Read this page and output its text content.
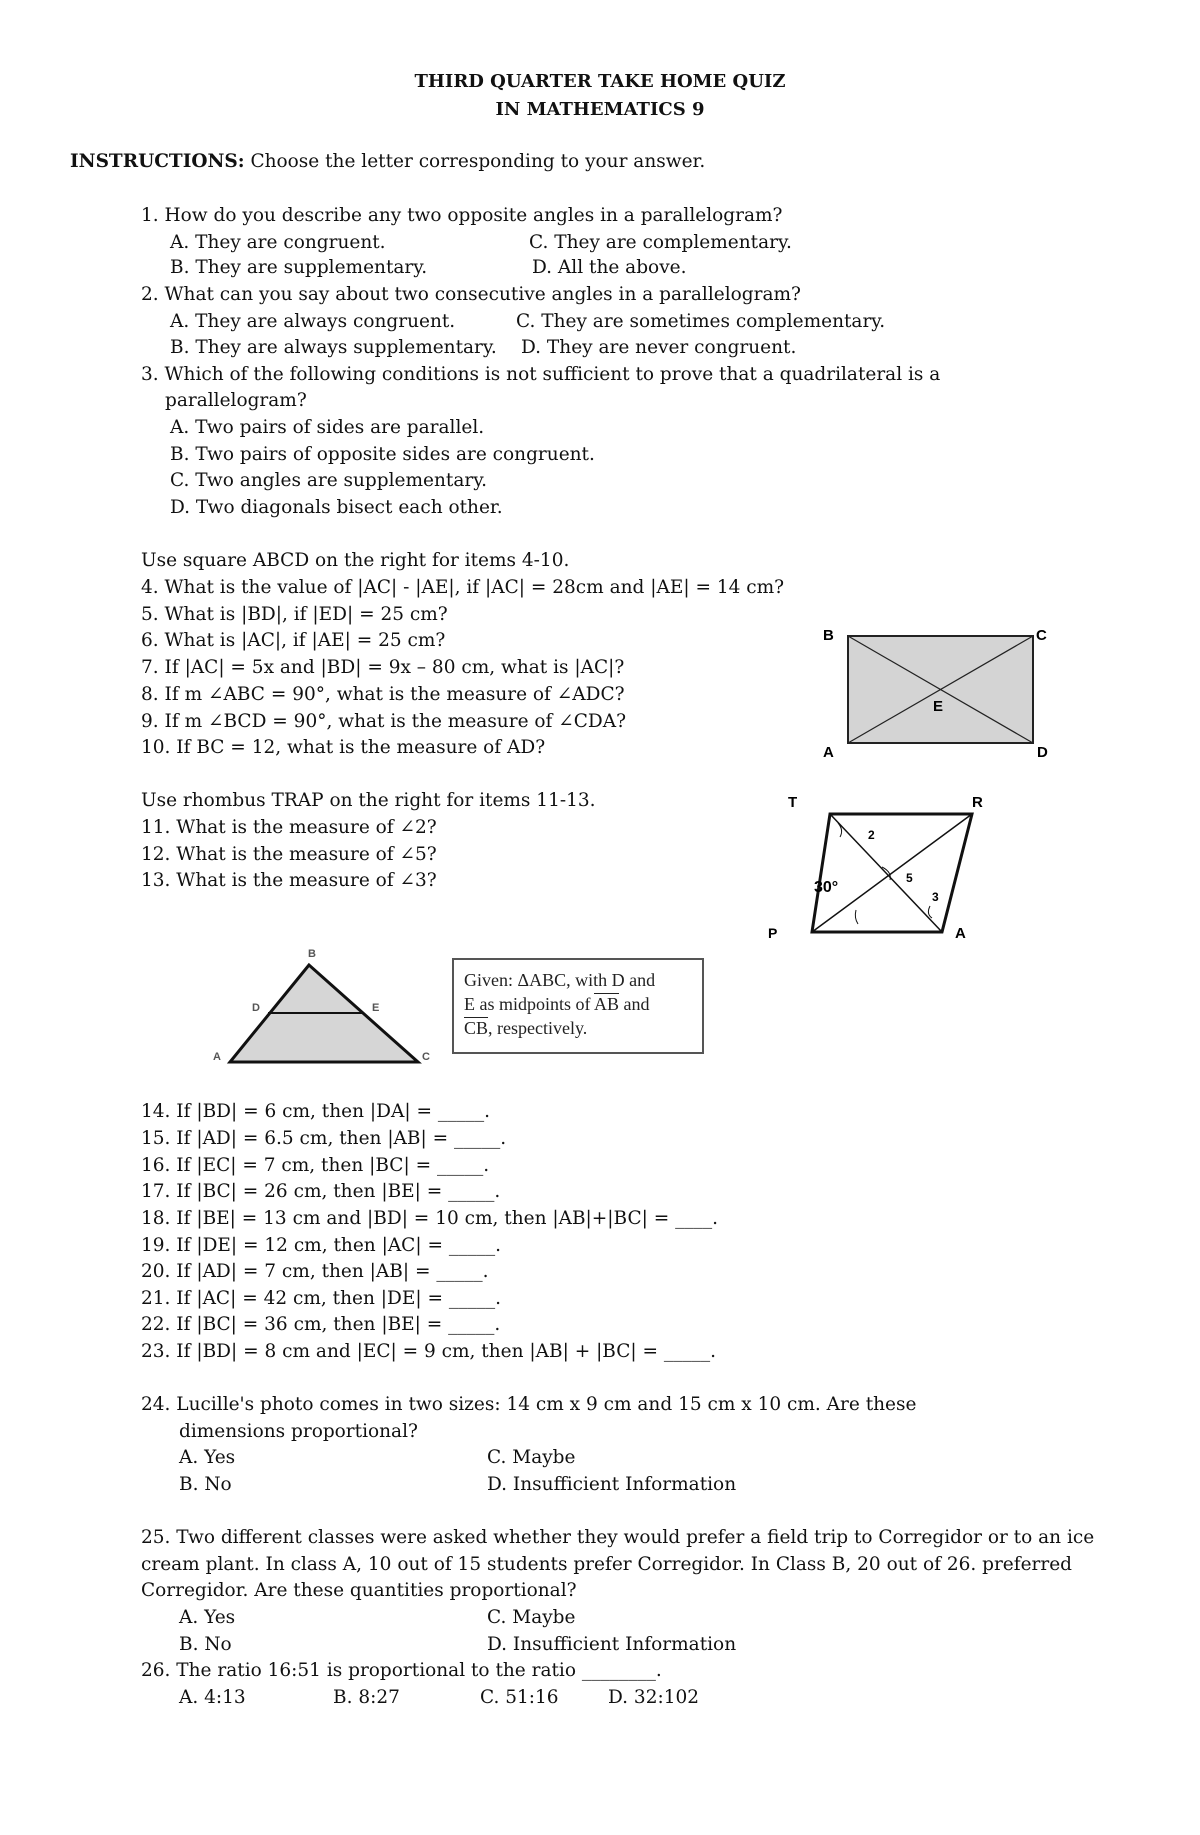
THIRD QUARTER TAKE HOME QUIZ
IN MATHEMATICS 9
INSTRUCTIONS: Choose the letter corresponding to your answer.
1. How do you describe any two opposite angles in a parallelogram?
A. They are congruent.	C. They are complementary.
B. They are supplementary.	D. All the above.
2. What can you say about two consecutive angles in a parallelogram?
A. They are always congruent.	C. They are sometimes complementary.
B. They are always supplementary. D. They are never congruent.
3. Which of the following conditions is not sufficient to prove that a quadrilateral is a
parallelogram?
A. Two pairs of sides are parallel.
B. Two pairs of opposite sides are congruent.
C. Two angles are supplementary.
D. Two diagonals bisect each other.
Use square ABCD on the right for items 4-10.
4. What is the value of |AC| - |AE|, if |AC| = 28cm and |AE| = 14 cm?
5. What is |BD|, if |ED| = 25 cm?
6. What is |AC|, if |AE| = 25 cm?
7. If |AC| = 5x and |BD| = 9x – 80 cm, what is |AC|?
8. If m ∠ABC = 90°, what is the measure of ∠ADC?
9. If m ∠BCD = 90°, what is the measure of ∠CDA?
10. If BC = 12, what is the measure of AD?
B	C
E
A	D
Use rhombus TRAP on the right for items 11-13.
11. What is the measure of ∠2?
12. What is the measure of ∠5?
13. What is the measure of ∠3?
T	R
P	A
30°
2
5
3
B
D	E
A	C
Given: ΔABC, with D and
E as midpoints of $\overline{AB}$ and
$\overline{CB}$, respectively.
14. If |BD| = 6 cm, then |DA| = _____.
15. If |AD| = 6.5 cm, then |AB| = _____.
16. If |EC| = 7 cm, then |BC| = _____.
17. If |BC| = 26 cm, then |BE| = _____.
18. If |BE| = 13 cm and |BD| = 10 cm, then |AB|+|BC| = ____.
19. If |DE| = 12 cm, then |AC| = _____.
20. If |AD| = 7 cm, then |AB| = _____.
21. If |AC| = 42 cm, then |DE| = _____.
22. If |BC| = 36 cm, then |BE| = _____.
23. If |BD| = 8 cm and |EC| = 9 cm, then |AB| + |BC| = _____.
24. Lucille's photo comes in two sizes: 14 cm x 9 cm and 15 cm x 10 cm. Are these
dimensions proportional?
A. Yes	C. Maybe
B. No	D. Insufficient Information
25. Two different classes were asked whether they would prefer a field trip to Corregidor or to an ice
cream plant. In class A, 10 out of 15 students prefer Corregidor. In Class B, 20 out of 26. preferred
Corregidor. Are these quantities proportional?
A. Yes	C. Maybe
B. No	D. Insufficient Information
26. The ratio 16:51 is proportional to the ratio ________.
A. 4:13	B. 8:27	C. 51:16	D. 32:102
